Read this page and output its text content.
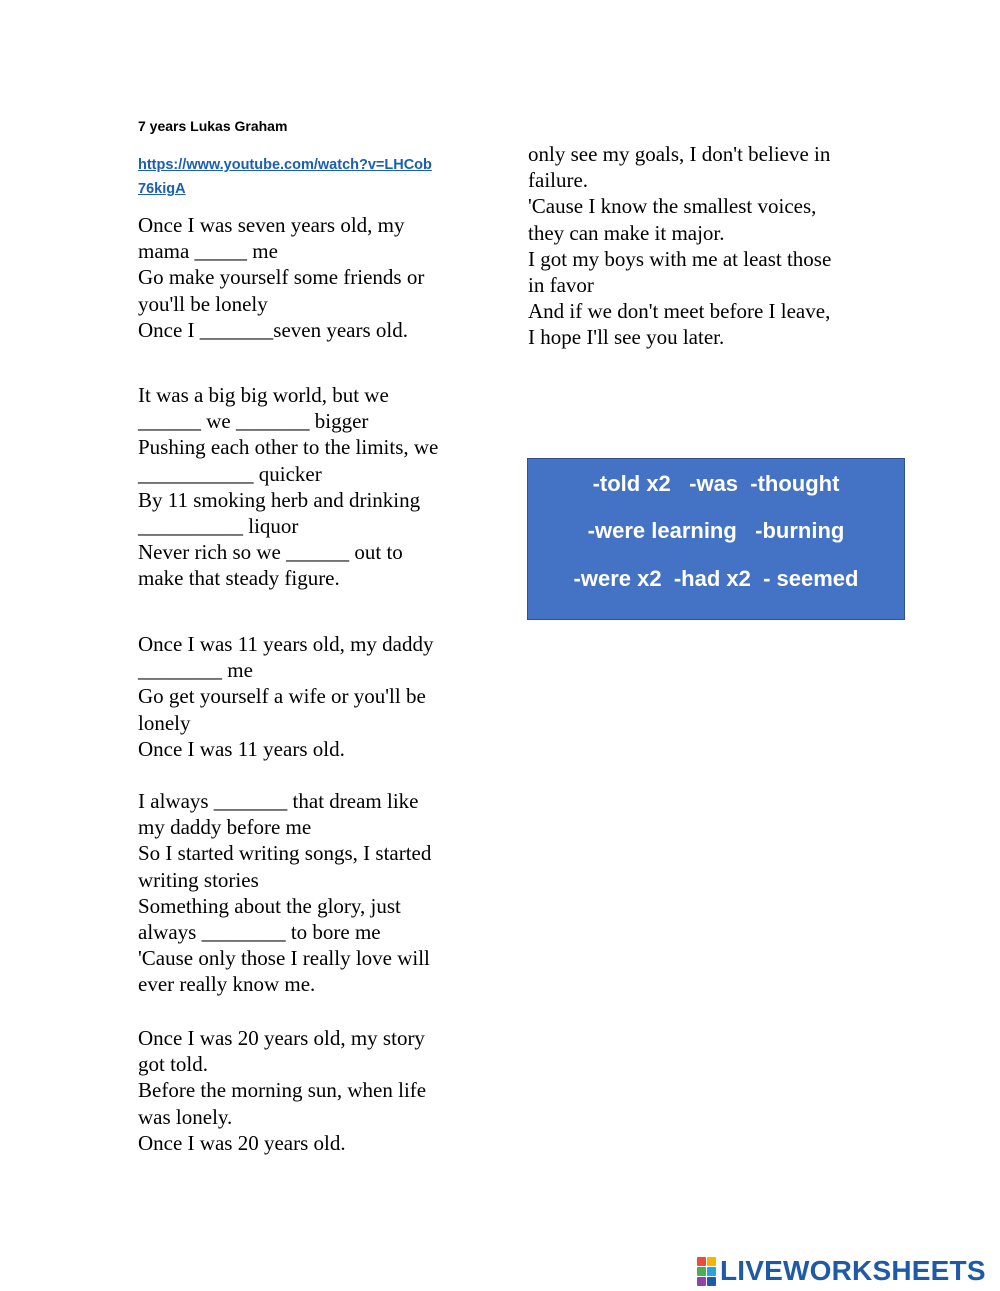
7 years Lukas Graham
https://www.youtube.com/watch?v=LHCob
76kigA
Once I was seven years old, my
mama _____ me
Go make yourself some friends or
you'll be lonely
Once I _______seven years old.
It was a big big world, but we
______ we _______ bigger
Pushing each other to the limits, we
___________ quicker
By 11 smoking herb and drinking
__________ liquor
Never rich so we ______ out to
make that steady figure.
Once I was 11 years old, my daddy
________ me
Go get yourself a wife or you'll be
lonely
Once I was 11 years old.
I always _______ that dream like
my daddy before me
So I started writing songs, I started
writing stories
Something about the glory, just
always ________ to bore me
'Cause only those I really love will
ever really know me.
Once I was 20 years old, my story
got told.
Before the morning sun, when life
was lonely.
Once I was 20 years old.
only see my goals, I don't believe in
failure.
'Cause I know the smallest voices,
they can make it major.
I got my boys with me at least those
in favor
And if we don't meet before I leave,
I hope I'll see you later.
-told x2   -was  -thought
-were learning   -burning
-were x2  -had x2  - seemed
LIVEWORKSHEETS
